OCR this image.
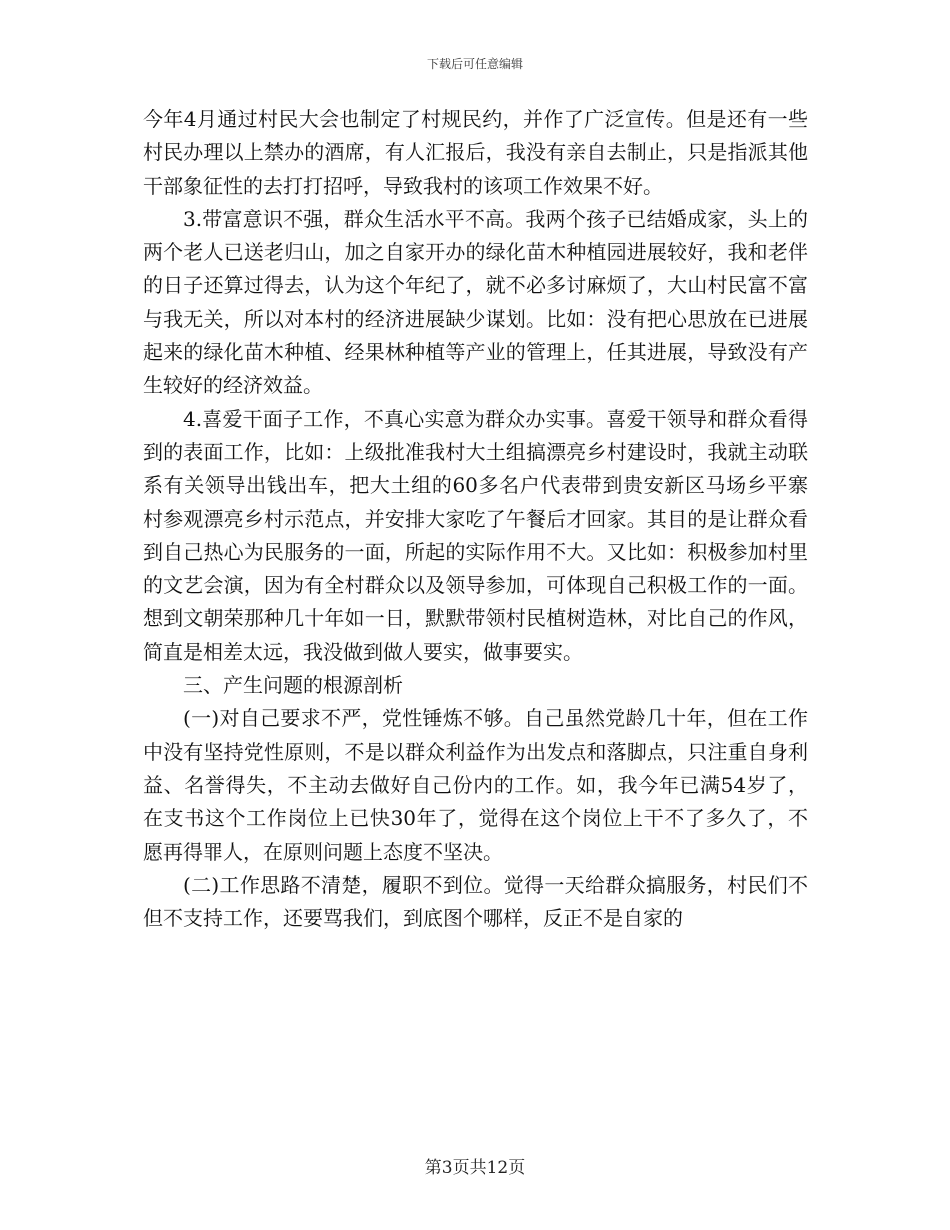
下载后可任意编辑

今年4月通过村民大会也制定了村规民约，并作了广泛宣传。但是还有一些村民办理以上禁办的酒席，有人汇报后，我没有亲自去制止，只是指派其他干部象征性的去打打招呼，导致我村的该项工作效果不好。

3.带富意识不强，群众生活水平不高。我两个孩子已结婚成家，头上的两个老人已送老归山，加之自家开办的绿化苗木种植园进展较好，我和老伴的日子还算过得去，认为这个年纪了，就不必多讨麻烦了，大山村民富不富与我无关，所以对本村的经济进展缺少谋划。比如：没有把心思放在已进展起来的绿化苗木种植、经果林种植等产业的管理上，任其进展，导致没有产生较好的经济效益。

4.喜爱干面子工作，不真心实意为群众办实事。喜爱干领导和群众看得到的表面工作，比如：上级批准我村大土组搞漂亮乡村建设时，我就主动联系有关领导出钱出车，把大土组的60多名户代表带到贵安新区马场乡平寨村参观漂亮乡村示范点，并安排大家吃了午餐后才回家。其目的是让群众看到自己热心为民服务的一面，所起的实际作用不大。又比如：积极参加村里的文艺会演，因为有全村群众以及领导参加，可体现自己积极工作的一面。想到文朝荣那种几十年如一日，默默带领村民植树造林，对比自己的作风，简直是相差太远，我没做到做人要实，做事要实。

三、产生问题的根源剖析

(一)对自己要求不严，党性锤炼不够。自己虽然党龄几十年，但在工作中没有坚持党性原则，不是以群众利益作为出发点和落脚点，只注重自身利益、名誉得失，不主动去做好自己份内的工作。如，我今年已满54岁了，在支书这个工作岗位上已快30年了，觉得在这个岗位上干不了多久了，不愿再得罪人，在原则问题上态度不坚决。

(二)工作思路不清楚，履职不到位。觉得一天给群众搞服务，村民们不但不支持工作，还要骂我们，到底图个哪样，反正不是自家的

第3页共12页
